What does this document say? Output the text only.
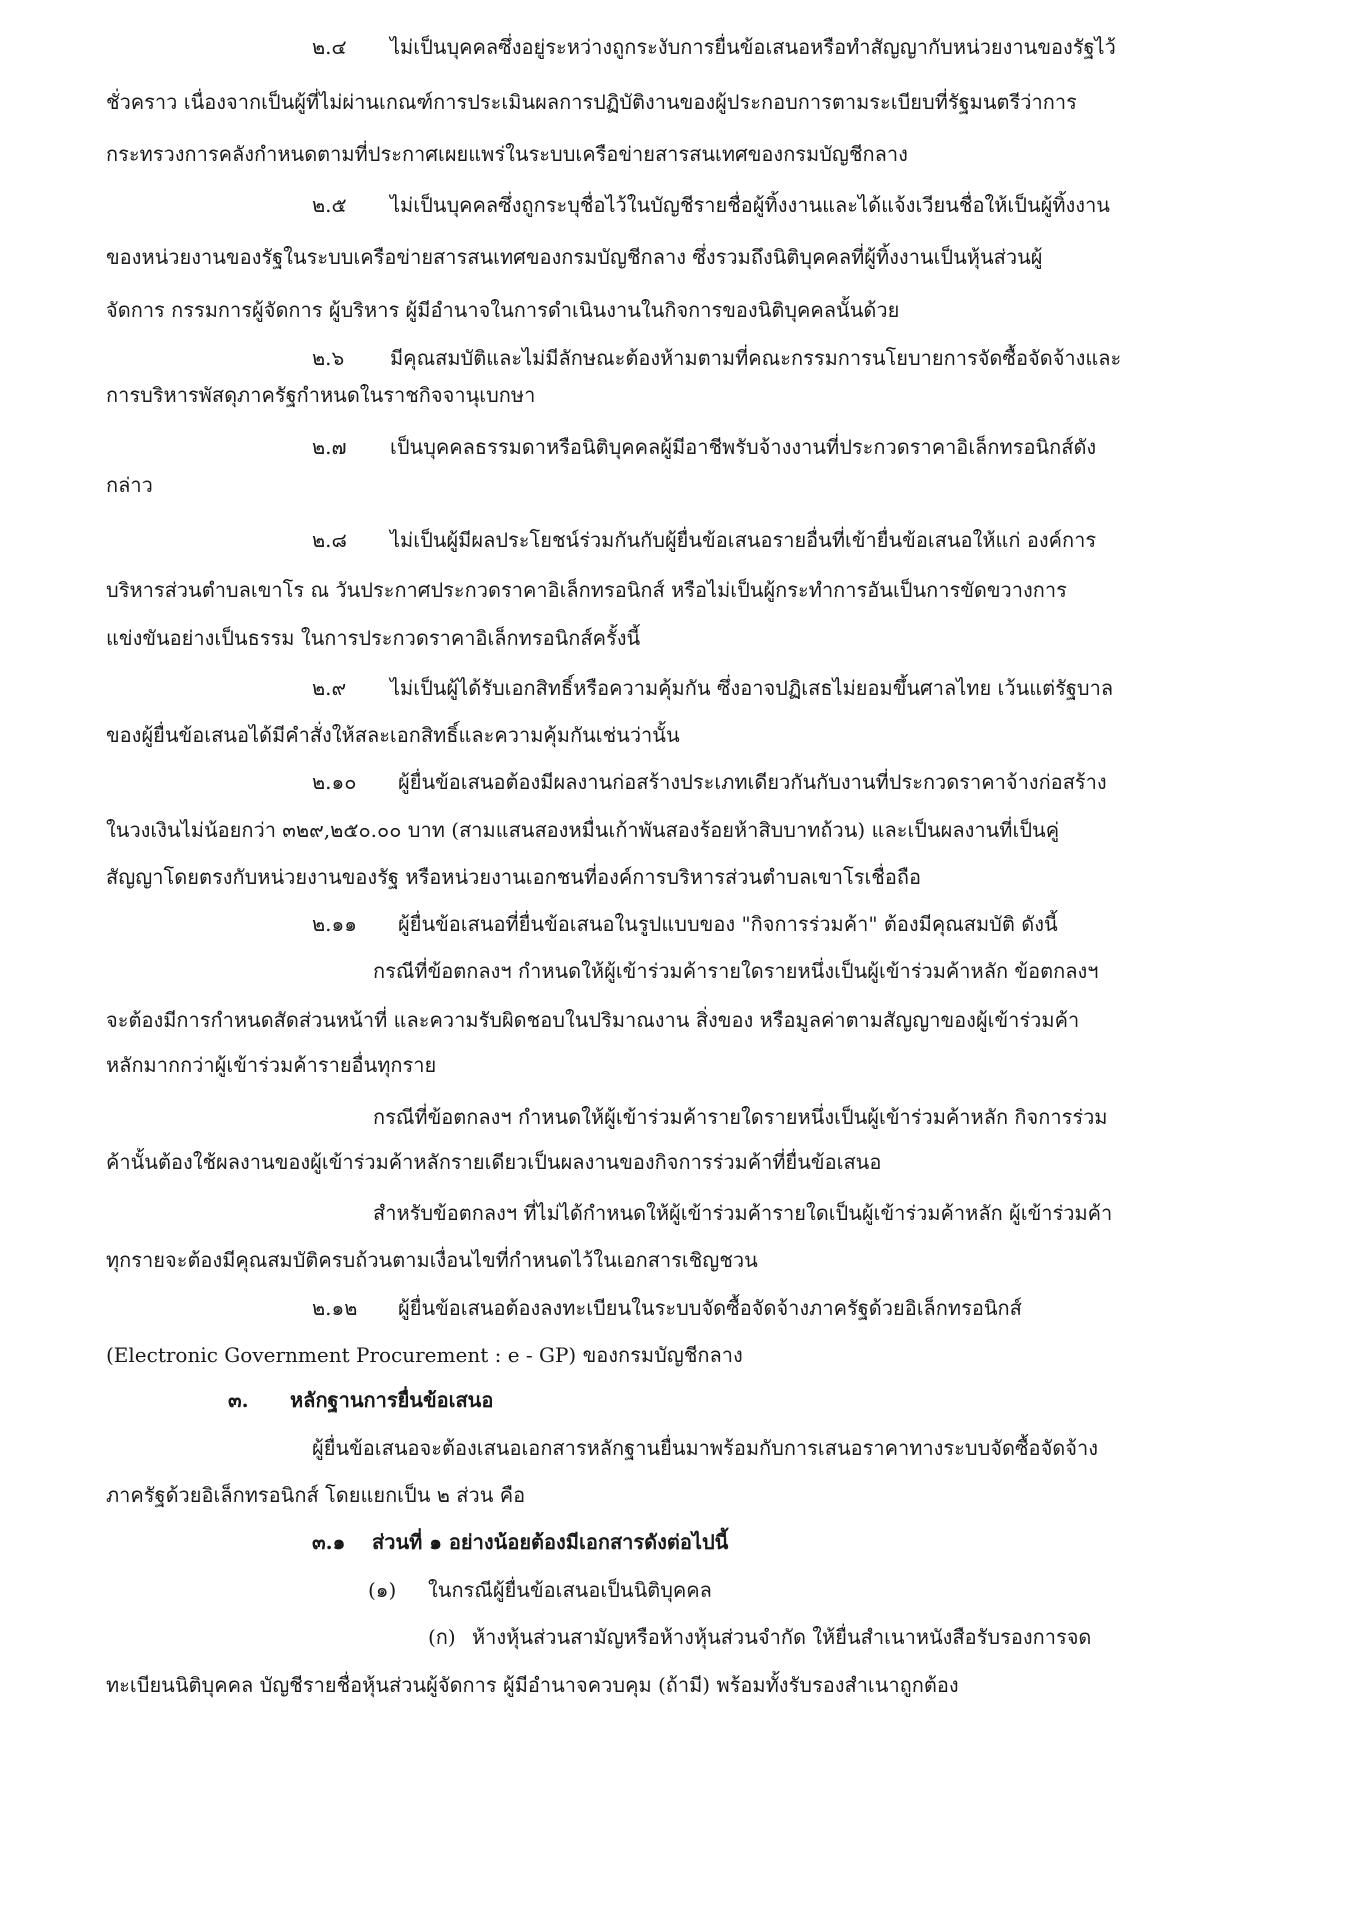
๒.๔ ไม่เป็นบุคคลซึ่งอยู่ระหว่างถูกระงับการยื่นข้อเสนอหรือทำสัญญากับหน่วยงานของรัฐไว้
ชั่วคราว เนื่องจากเป็นผู้ที่ไม่ผ่านเกณฑ์การประเมินผลการปฏิบัติงานของผู้ประกอบการตามระเบียบที่รัฐมนตรีว่าการ
กระทรวงการคลังกำหนดตามที่ประกาศเผยแพร่ในระบบเครือข่ายสารสนเทศของกรมบัญชีกลาง
๒.๕ ไม่เป็นบุคคลซึ่งถูกระบุชื่อไว้ในบัญชีรายชื่อผู้ทิ้งงานและได้แจ้งเวียนชื่อให้เป็นผู้ทิ้งงาน
ของหน่วยงานของรัฐในระบบเครือข่ายสารสนเทศของกรมบัญชีกลาง ซึ่งรวมถึงนิติบุคคลที่ผู้ทิ้งงานเป็นหุ้นส่วนผู้
จัดการ กรรมการผู้จัดการ ผู้บริหาร ผู้มีอำนาจในการดำเนินงานในกิจการของนิติบุคคลนั้นด้วย
๒.๖ มีคุณสมบัติและไม่มีลักษณะต้องห้ามตามที่คณะกรรมการนโยบายการจัดซื้อจัดจ้างและ
การบริหารพัสดุภาครัฐกำหนดในราชกิจจานุเบกษา
๒.๗ เป็นบุคคลธรรมดาหรือนิติบุคคลผู้มีอาชีพรับจ้างงานที่ประกวดราคาอิเล็กทรอนิกส์ดัง
กล่าว
๒.๘ ไม่เป็นผู้มีผลประโยชน์ร่วมกันกับผู้ยื่นข้อเสนอรายอื่นที่เข้ายื่นข้อเสนอให้แก่ องค์การ
บริหารส่วนตำบลเขาโร ณ วันประกาศประกวดราคาอิเล็กทรอนิกส์ หรือไม่เป็นผู้กระทำการอันเป็นการขัดขวางการ
แข่งขันอย่างเป็นธรรม ในการประกวดราคาอิเล็กทรอนิกส์ครั้งนี้
๒.๙ ไม่เป็นผู้ได้รับเอกสิทธิ์หรือความคุ้มกัน ซึ่งอาจปฏิเสธไม่ยอมขึ้นศาลไทย เว้นแต่รัฐบาล
ของผู้ยื่นข้อเสนอได้มีคำสั่งให้สละเอกสิทธิ์และความคุ้มกันเช่นว่านั้น
๒.๑๐ ผู้ยื่นข้อเสนอต้องมีผลงานก่อสร้างประเภทเดียวกันกับงานที่ประกวดราคาจ้างก่อสร้าง
ในวงเงินไม่น้อยกว่า ๓๒๙,๒๕๐.๐๐ บาท (สามแสนสองหมื่นเก้าพันสองร้อยห้าสิบบาทถ้วน) และเป็นผลงานที่เป็นคู่
สัญญาโดยตรงกับหน่วยงานของรัฐ หรือหน่วยงานเอกชนที่องค์การบริหารส่วนตำบลเขาโรเชื่อถือ
๒.๑๑ ผู้ยื่นข้อเสนอที่ยื่นข้อเสนอในรูปแบบของ "กิจการร่วมค้า" ต้องมีคุณสมบัติ ดังนี้
กรณีที่ข้อตกลงฯ กำหนดให้ผู้เข้าร่วมค้ารายใดรายหนึ่งเป็นผู้เข้าร่วมค้าหลัก ข้อตกลงฯ
จะต้องมีการกำหนดสัดส่วนหน้าที่ และความรับผิดชอบในปริมาณงาน สิ่งของ หรือมูลค่าตามสัญญาของผู้เข้าร่วมค้า
หลักมากกว่าผู้เข้าร่วมค้ารายอื่นทุกราย
กรณีที่ข้อตกลงฯ กำหนดให้ผู้เข้าร่วมค้ารายใดรายหนึ่งเป็นผู้เข้าร่วมค้าหลัก กิจการร่วม
ค้านั้นต้องใช้ผลงานของผู้เข้าร่วมค้าหลักรายเดียวเป็นผลงานของกิจการร่วมค้าที่ยื่นข้อเสนอ
สำหรับข้อตกลงฯ ที่ไม่ได้กำหนดให้ผู้เข้าร่วมค้ารายใดเป็นผู้เข้าร่วมค้าหลัก ผู้เข้าร่วมค้า
ทุกรายจะต้องมีคุณสมบัติครบถ้วนตามเงื่อนไขที่กำหนดไว้ในเอกสารเชิญชวน
๒.๑๒ ผู้ยื่นข้อเสนอต้องลงทะเบียนในระบบจัดซื้อจัดจ้างภาครัฐด้วยอิเล็กทรอนิกส์
(Electronic Government Procurement : e - GP) ของกรมบัญชีกลาง
๓. หลักฐานการยื่นข้อเสนอ
ผู้ยื่นข้อเสนอจะต้องเสนอเอกสารหลักฐานยื่นมาพร้อมกับการเสนอราคาทางระบบจัดซื้อจัดจ้าง
ภาครัฐด้วยอิเล็กทรอนิกส์ โดยแยกเป็น ๒ ส่วน คือ
๓.๑ ส่วนที่ ๑ อย่างน้อยต้องมีเอกสารดังต่อไปนี้
(๑) ในกรณีผู้ยื่นข้อเสนอเป็นนิติบุคคล
(ก) ห้างหุ้นส่วนสามัญหรือห้างหุ้นส่วนจำกัด ให้ยื่นสำเนาหนังสือรับรองการจด
ทะเบียนนิติบุคคล บัญชีรายชื่อหุ้นส่วนผู้จัดการ ผู้มีอำนาจควบคุม (ถ้ามี) พร้อมทั้งรับรองสำเนาถูกต้อง
